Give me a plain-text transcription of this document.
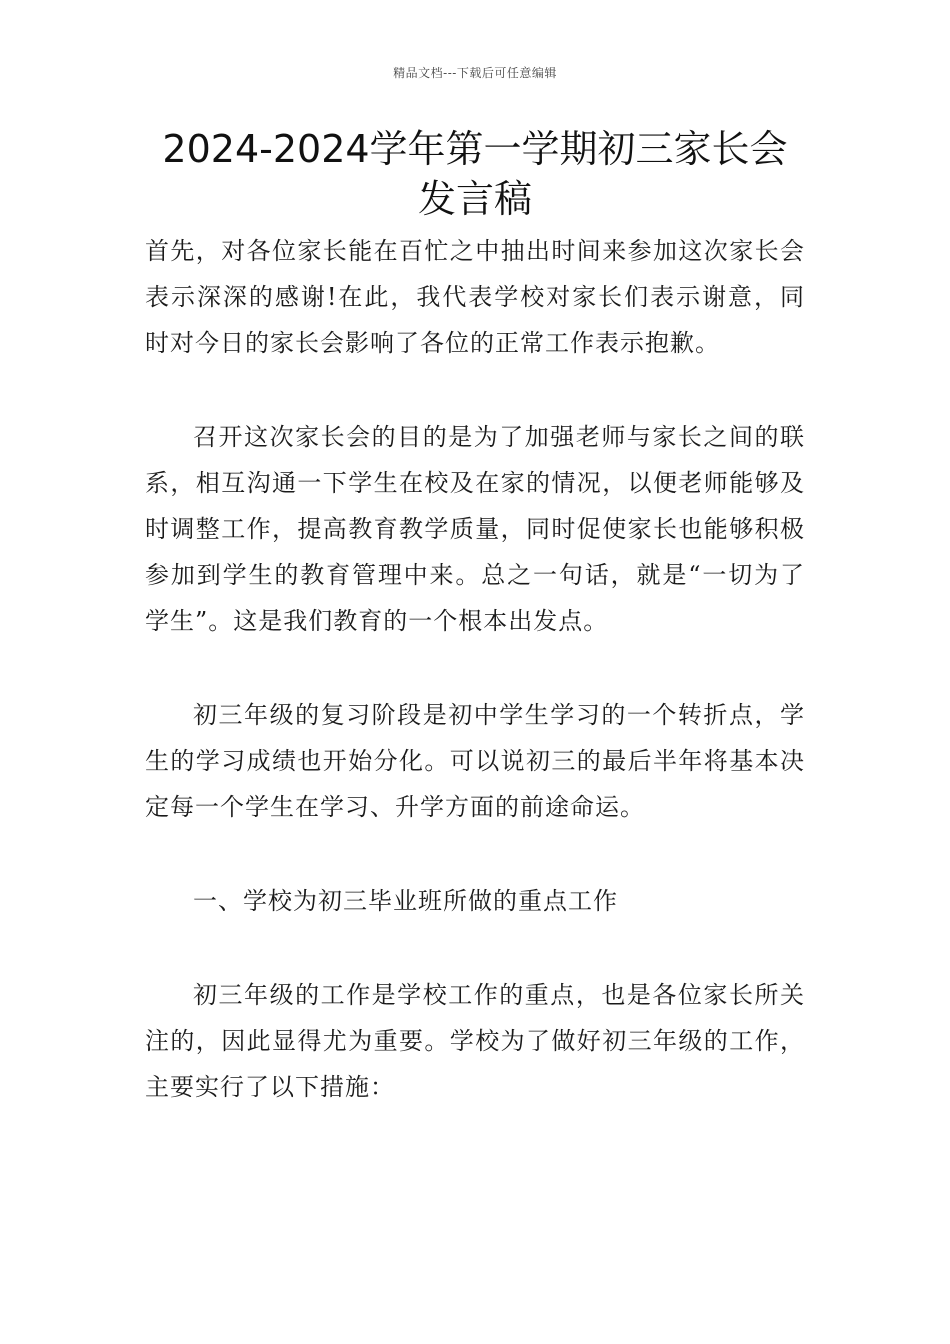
精品文档---下载后可任意编辑
2024-2024学年第一学期初三家长会发言稿

首先，对各位家长能在百忙之中抽出时间来参加这次家长会表示深深的感谢!在此，我代表学校对家长们表示谢意，同时对今日的家长会影响了各位的正常工作表示抱歉。

召开这次家长会的目的是为了加强老师与家长之间的联系，相互沟通一下学生在校及在家的情况，以便老师能够及时调整工作，提高教育教学质量，同时促使家长也能够积极参加到学生的教育管理中来。总之一句话，就是“一切为了学生”。这是我们教育的一个根本出发点。

初三年级的复习阶段是初中学生学习的一个转折点，学生的学习成绩也开始分化。可以说初三的最后半年将基本决定每一个学生在学习、升学方面的前途命运。

一、学校为初三毕业班所做的重点工作

初三年级的工作是学校工作的重点，也是各位家长所关注的，因此显得尤为重要。学校为了做好初三年级的工作，主要实行了以下措施：
